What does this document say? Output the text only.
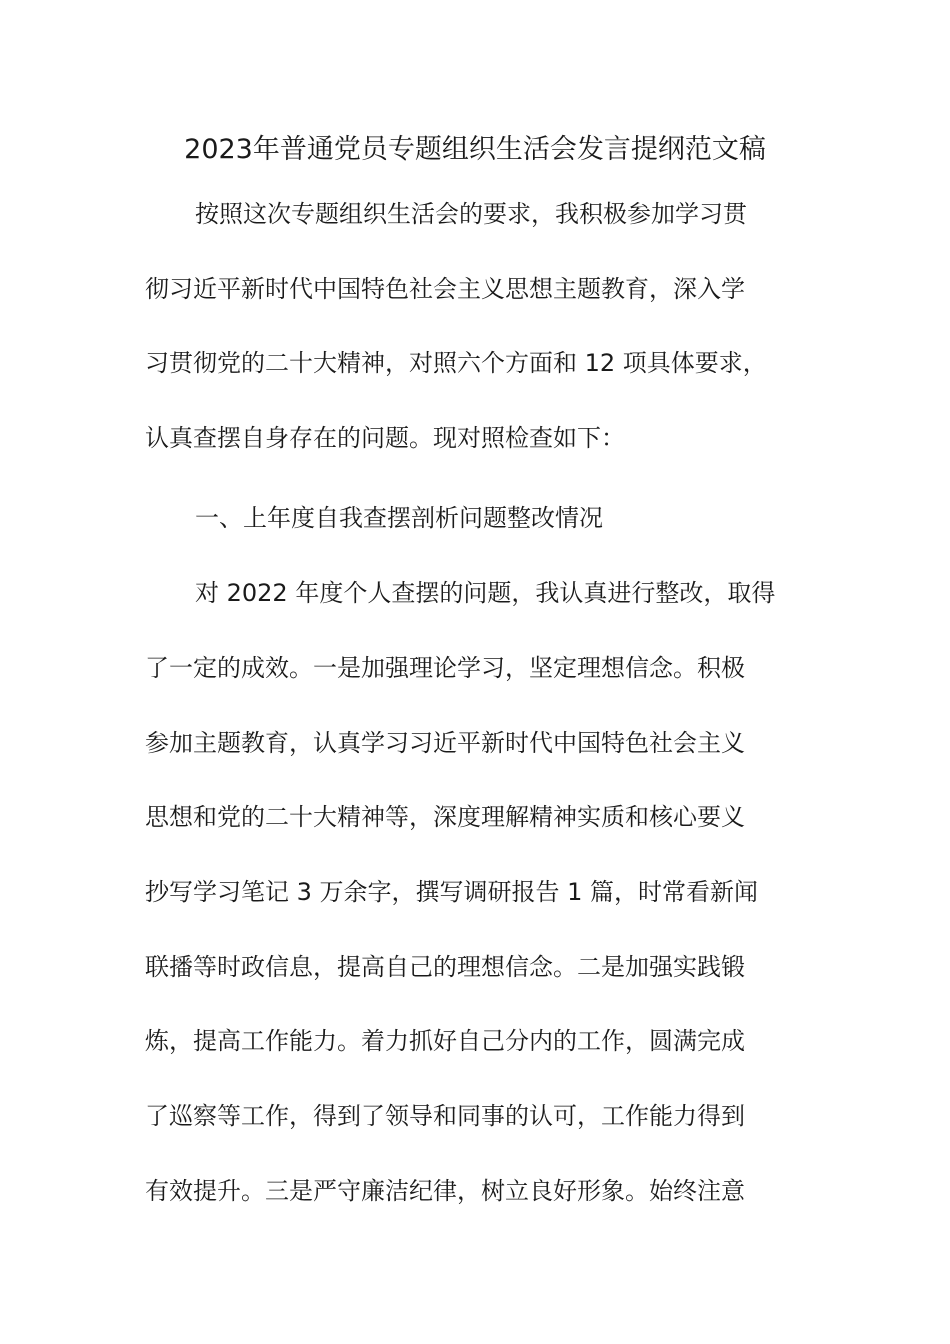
2023年普通党员专题组织生活会发言提纲范文稿

按照这次专题组织生活会的要求，我积极参加学习贯

彻习近平新时代中国特色社会主义思想主题教育，深入学

习贯彻党的二十大精神，对照六个方面和 12 项具体要求，

认真查摆自身存在的问题。现对照检查如下：

一、上年度自我查摆剖析问题整改情况

对 2022 年度个人查摆的问题，我认真进行整改，取得

了一定的成效。一是加强理论学习，坚定理想信念。积极

参加主题教育，认真学习习近平新时代中国特色社会主义

思想和党的二十大精神等，深度理解精神实质和核心要义

抄写学习笔记 3 万余字，撰写调研报告 1 篇，时常看新闻

联播等时政信息，提高自己的理想信念。二是加强实践锻

炼，提高工作能力。着力抓好自己分内的工作，圆满完成

了巡察等工作，得到了领导和同事的认可，工作能力得到

有效提升。三是严守廉洁纪律，树立良好形象。始终注意
